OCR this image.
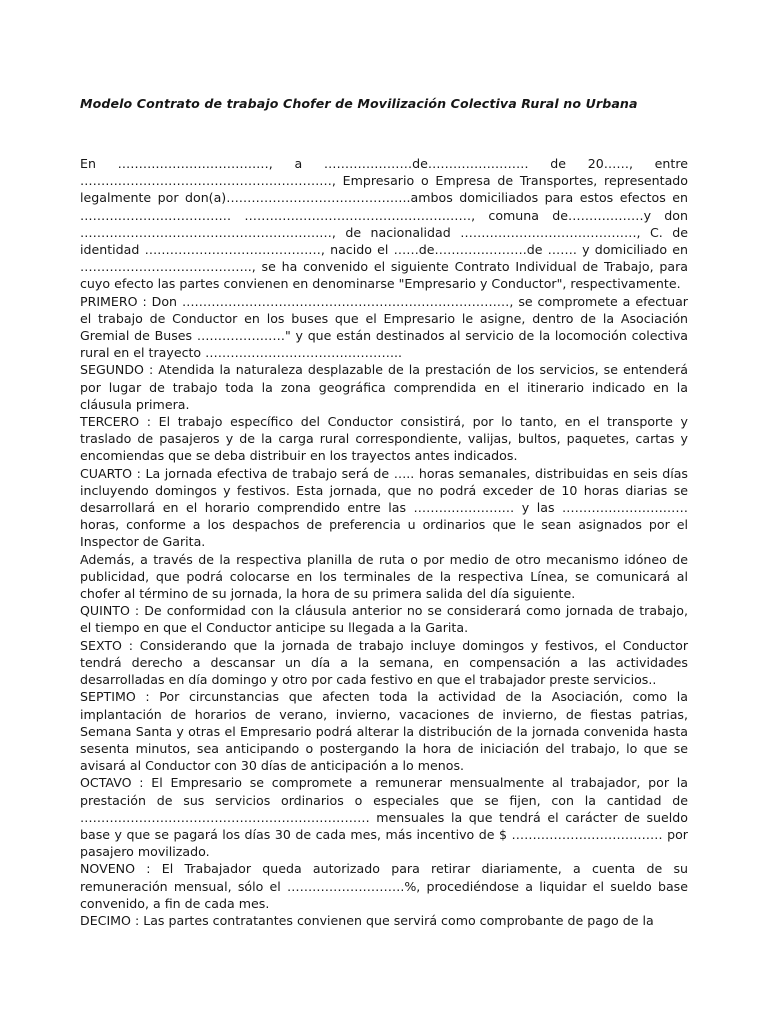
Modelo Contrato de trabajo Chofer de Movilización Colectiva Rural no Urbana

En ………………………………, a …………………de…………………… de 20……, entre ……………………………………………………, Empresario o Empresa de Transportes, representado legalmente por don(a)……………………………………..ambos domiciliados para estos efectos en ……………………………… ………………………………………………, comuna de………………y don ……………………………………………………, de nacionalidad ……………………………………, C. de identidad ……………………………………, nacido el ……de………………….de ……. y domiciliado en ………………………………….., se ha convenido el siguiente Contrato Individual de Trabajo, para cuyo efecto las partes convienen en denominarse "Empresario y Conductor", respectivamente.

PRIMERO : Don ……………………………………………………………………, se compromete a efectuar el trabajo de Conductor en los buses que el Empresario le asigne, dentro de la Asociación Gremial de Buses …………………" y que están destinados al servicio de la locomoción colectiva rural en el trayecto ………………………………………..

SEGUNDO : Atendida la naturaleza desplazable de la prestación de los servicios, se entenderá por lugar de trabajo toda la zona geográfica comprendida en el itinerario indicado en la cláusula primera.

TERCERO : El trabajo específico del Conductor consistirá, por lo tanto, en el transporte y traslado de pasajeros y de la carga rural correspondiente, valijas, bultos, paquetes, cartas y encomiendas que se deba distribuir en los trayectos antes indicados.

CUARTO : La jornada efectiva de trabajo será de ….. horas semanales, distribuidas en seis días incluyendo domingos y festivos. Esta jornada, que no podrá exceder de 10 horas diarias se desarrollará en el horario comprendido entre las …………………… y las ………………………… horas, conforme a los despachos de preferencia u ordinarios que le sean asignados por el Inspector de Garita.

Además, a través de la respectiva planilla de ruta o por medio de otro mecanismo idóneo de publicidad, que podrá colocarse en los terminales de la respectiva Línea, se comunicará al chofer al término de su jornada, la hora de su primera salida del día siguiente.

QUINTO : De conformidad con la cláusula anterior no se considerará como jornada de trabajo, el tiempo en que el Conductor anticipe su llegada a la Garita.

SEXTO : Considerando que la jornada de trabajo incluye domingos y festivos, el Conductor tendrá derecho a descansar un día a la semana, en compensación a las actividades desarrolladas en día domingo y otro por cada festivo en que el trabajador preste servicios..

SEPTIMO : Por circunstancias que afecten toda la actividad de la Asociación, como la implantación de horarios de verano, invierno, vacaciones de invierno, de fiestas patrias, Semana Santa y otras el Empresario podrá alterar la distribución de la jornada convenida hasta sesenta minutos, sea anticipando o postergando la hora de iniciación del trabajo, lo que se avisará al Conductor con 30 días de anticipación a lo menos.

OCTAVO : El Empresario se compromete a remunerar mensualmente al trabajador, por la prestación de sus servicios ordinarios o especiales que se fijen, con la cantidad de …………………………………………………………… mensuales la que tendrá el carácter de sueldo base y que se pagará los días 30 de cada mes, más incentivo de $ ……………………………… por pasajero movilizado.

NOVENO : El Trabajador queda autorizado para retirar diariamente, a cuenta de su remuneración mensual, sólo el ……………………….%, procediéndose a liquidar el sueldo base convenido, a fin de cada mes.

DECIMO : Las partes contratantes convienen que servirá como comprobante de pago de la
